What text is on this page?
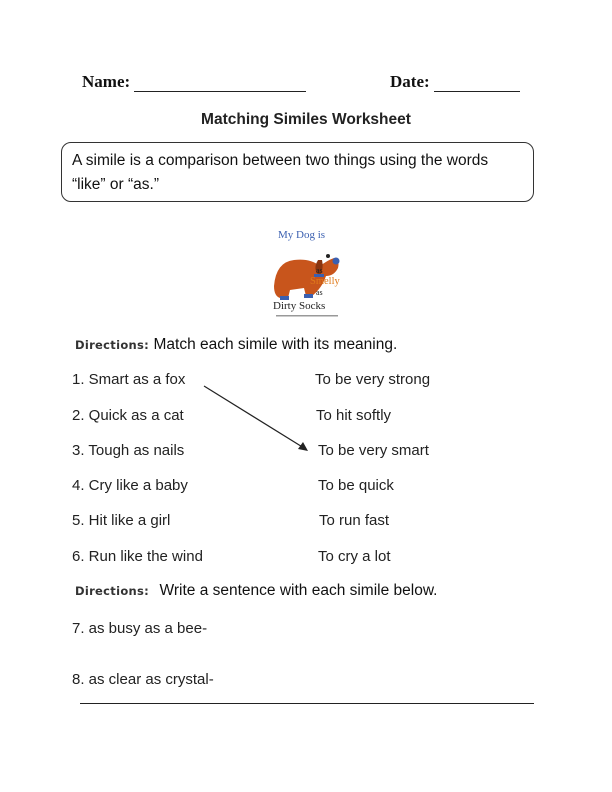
Name:	Date:
Matching Similes Worksheet
A simile is a comparison between two things using the words
“like” or “as.”
My Dog is
as
Smelly
as
Dirty Socks
Directions: Match each simile with its meaning.
1. Smart as a fox
2. Quick as a cat
3. Tough as nails
4. Cry like a baby
5. Hit like a girl
6. Run like the wind
To be very strong
To hit softly
To be very smart
To be quick
To run fast
To cry a lot
Directions: Write a sentence with each simile below.
7. as busy as a bee-
8. as clear as crystal-
